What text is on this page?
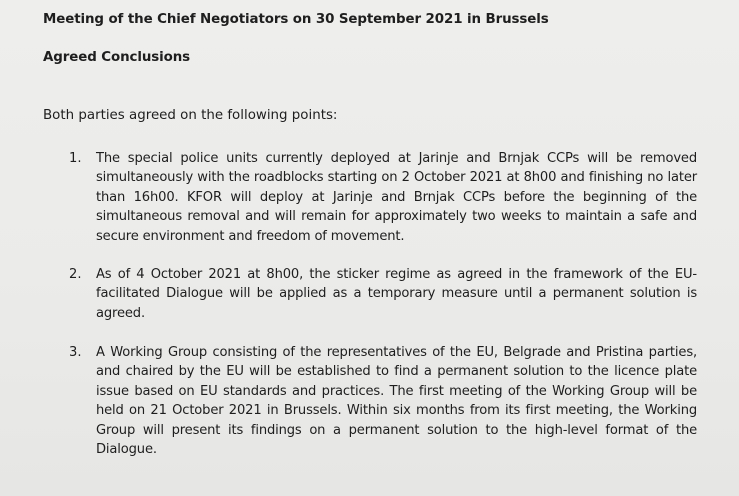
Meeting of the Chief Negotiators on 30 September 2021 in Brussels
Agreed Conclusions
Both parties agreed on the following points:
1. The special police units currently deployed at Jarinje and Brnjak CCPs will be removed simultaneously with the roadblocks starting on 2 October 2021 at 8h00 and finishing no later than 16h00. KFOR will deploy at Jarinje and Brnjak CCPs before the beginning of the simultaneous removal and will remain for approximately two weeks to maintain a safe and secure environment and freedom of movement.
2. As of 4 October 2021 at 8h00, the sticker regime as agreed in the framework of the EU-facilitated Dialogue will be applied as a temporary measure until a permanent solution is agreed.
3. A Working Group consisting of the representatives of the EU, Belgrade and Pristina parties, and chaired by the EU will be established to find a permanent solution to the licence plate issue based on EU standards and practices. The first meeting of the Working Group will be held on 21 October 2021 in Brussels. Within six months from its first meeting, the Working Group will present its findings on a permanent solution to the high-level format of the Dialogue.
